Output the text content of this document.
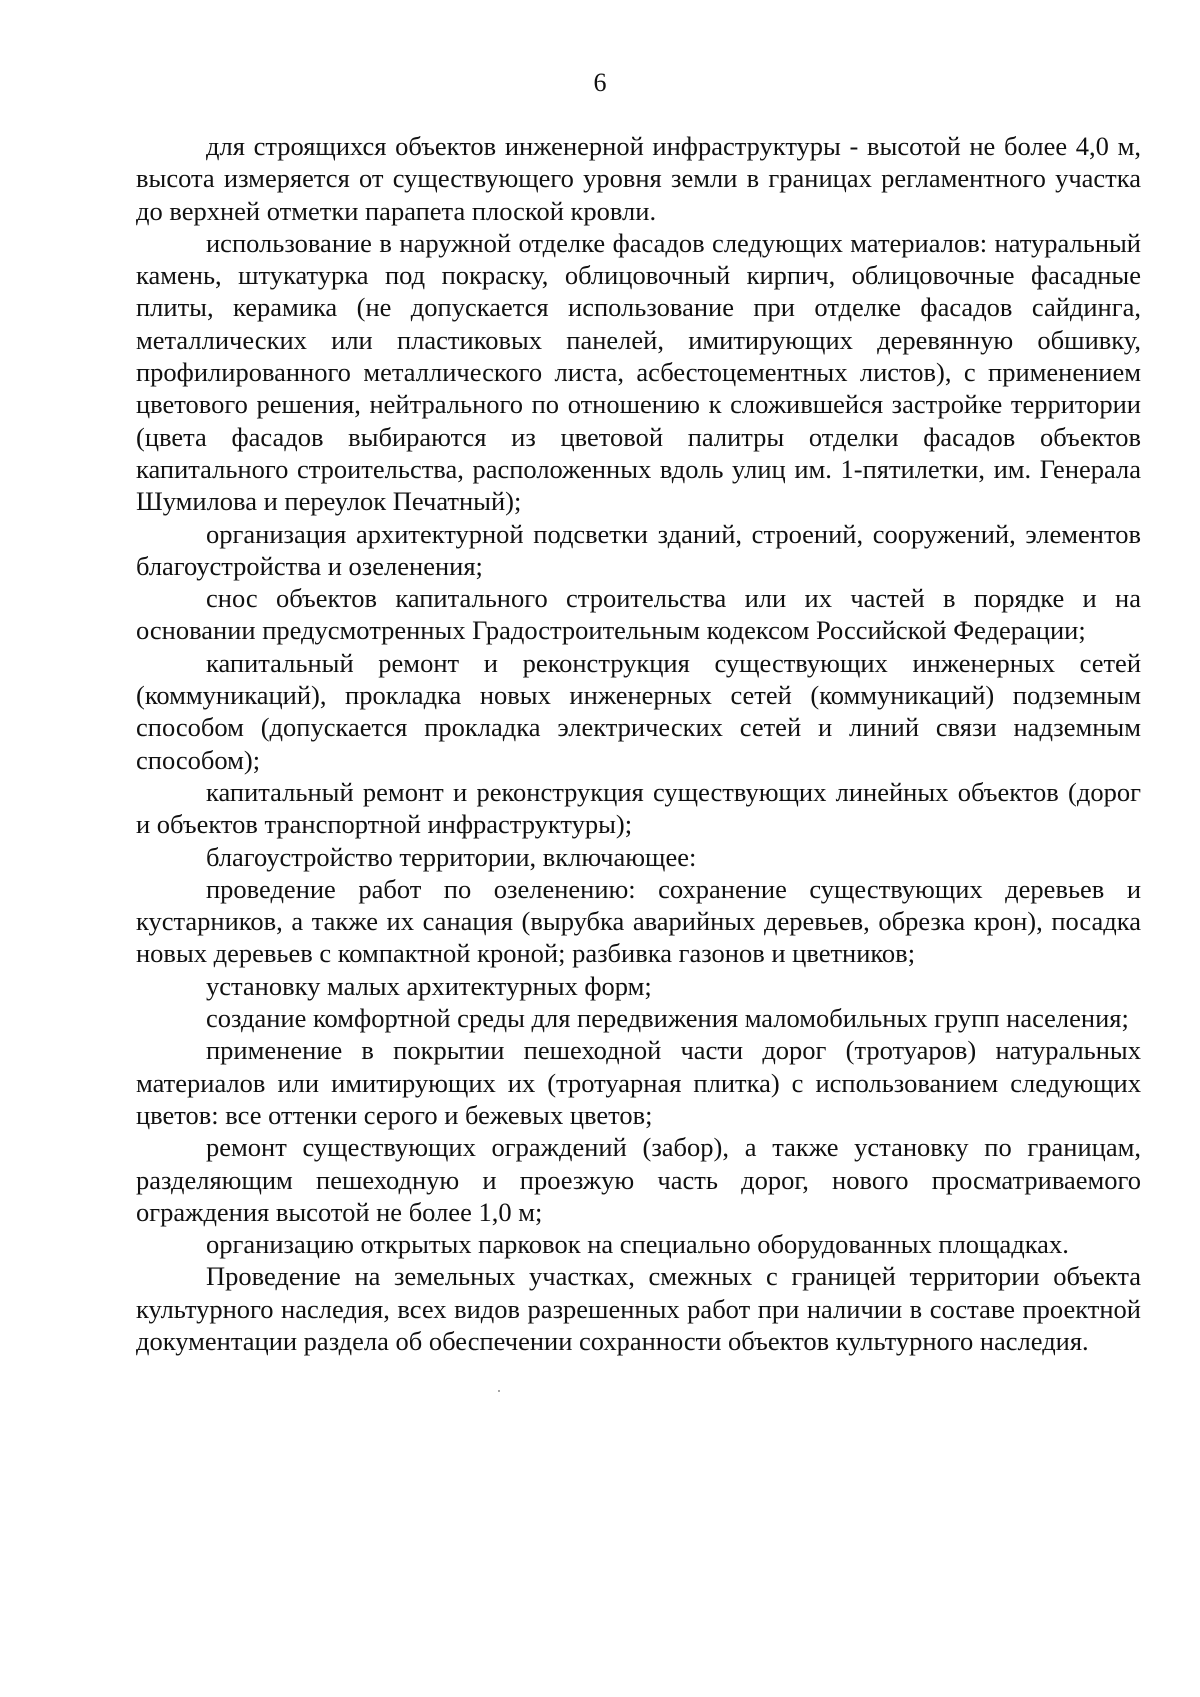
6

для строящихся объектов инженерной инфраструктуры - высотой не более 4,0 м, высота измеряется от существующего уровня земли в границах регламентного участка до верхней отметки парапета плоской кровли.

использование в наружной отделке фасадов следующих материалов: натуральный камень, штукатурка под покраску, облицовочный кирпич, облицовочные фасадные плиты, керамика (не допускается использование при отделке фасадов сайдинга, металлических или пластиковых панелей, имитирующих деревянную обшивку, профилированного металлического листа, асбестоцементных листов), с применением цветового решения, нейтрального по отношению к сложившейся застройке территории (цвета фасадов выбираются из цветовой палитры отделки фасадов объектов капитального строительства, расположенных вдоль улиц им. 1-пятилетки, им. Генерала Шумилова и переулок Печатный);

организация архитектурной подсветки зданий, строений, сооружений, элементов благоустройства и озеленения;

снос объектов капитального строительства или их частей в порядке и на основании предусмотренных Градостроительным кодексом Российской Федерации;

капитальный ремонт и реконструкция существующих инженерных сетей (коммуникаций), прокладка новых инженерных сетей (коммуникаций) подземным способом (допускается прокладка электрических сетей и линий связи надземным способом);

капитальный ремонт и реконструкция существующих линейных объектов (дорог и объектов транспортной инфраструктуры);

благоустройство территории, включающее:

проведение работ по озеленению: сохранение существующих деревьев и кустарников, а также их санация (вырубка аварийных деревьев, обрезка крон), посадка новых деревьев с компактной кроной; разбивка газонов и цветников;

установку малых архитектурных форм;

создание комфортной среды для передвижения маломобильных групп населения;

применение в покрытии пешеходной части дорог (тротуаров) натуральных материалов или имитирующих их (тротуарная плитка) с использованием следующих цветов: все оттенки серого и бежевых цветов;

ремонт существующих ограждений (забор), а также установку по границам, разделяющим пешеходную и проезжую часть дорог, нового просматриваемого ограждения высотой не более 1,0 м;

организацию открытых парковок на специально оборудованных площадках.

Проведение на земельных участках, смежных с границей территории объекта культурного наследия, всех видов разрешенных работ при наличии в составе проектной документации раздела об обеспечении сохранности объектов культурного наследия.
